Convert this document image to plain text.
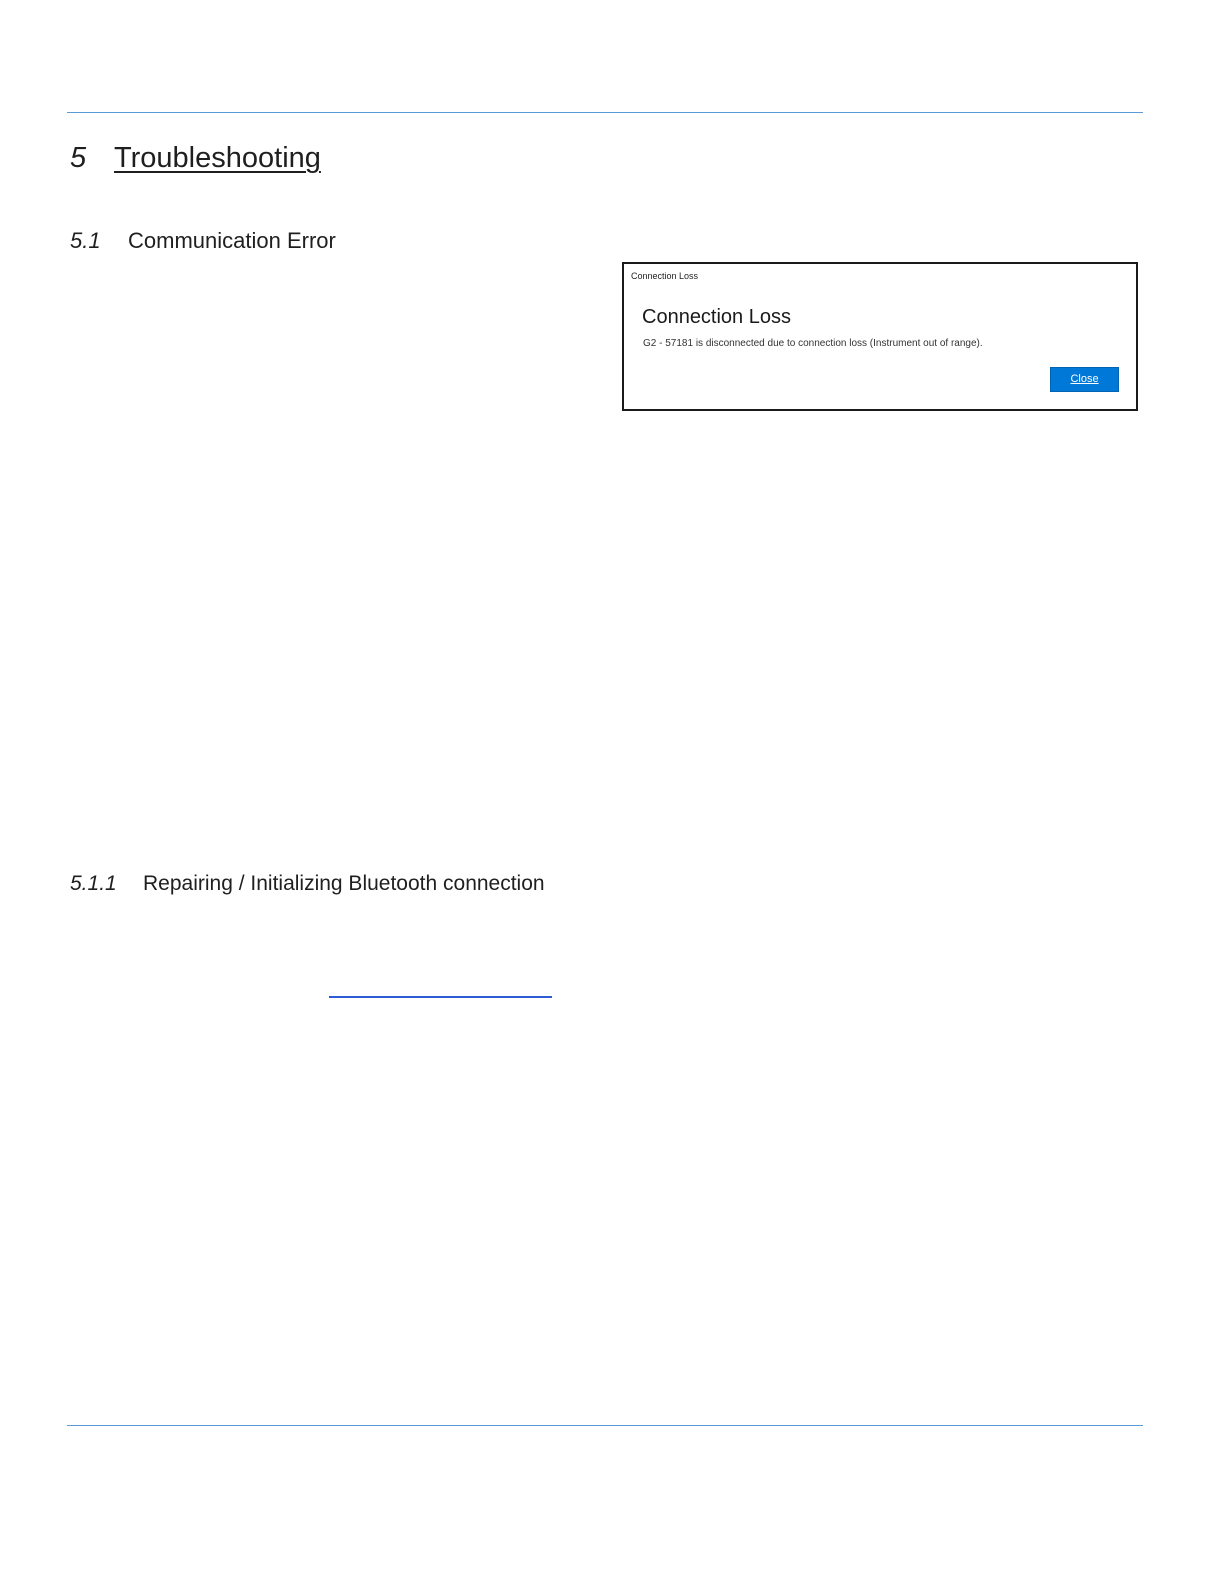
5 Troubleshooting
5.1 Communication Error
Connection Loss
Connection Loss
G2 - 57181 is disconnected due to connection loss (Instrument out of range).
Close
5.1.1 Repairing / Initializing Bluetooth connection
